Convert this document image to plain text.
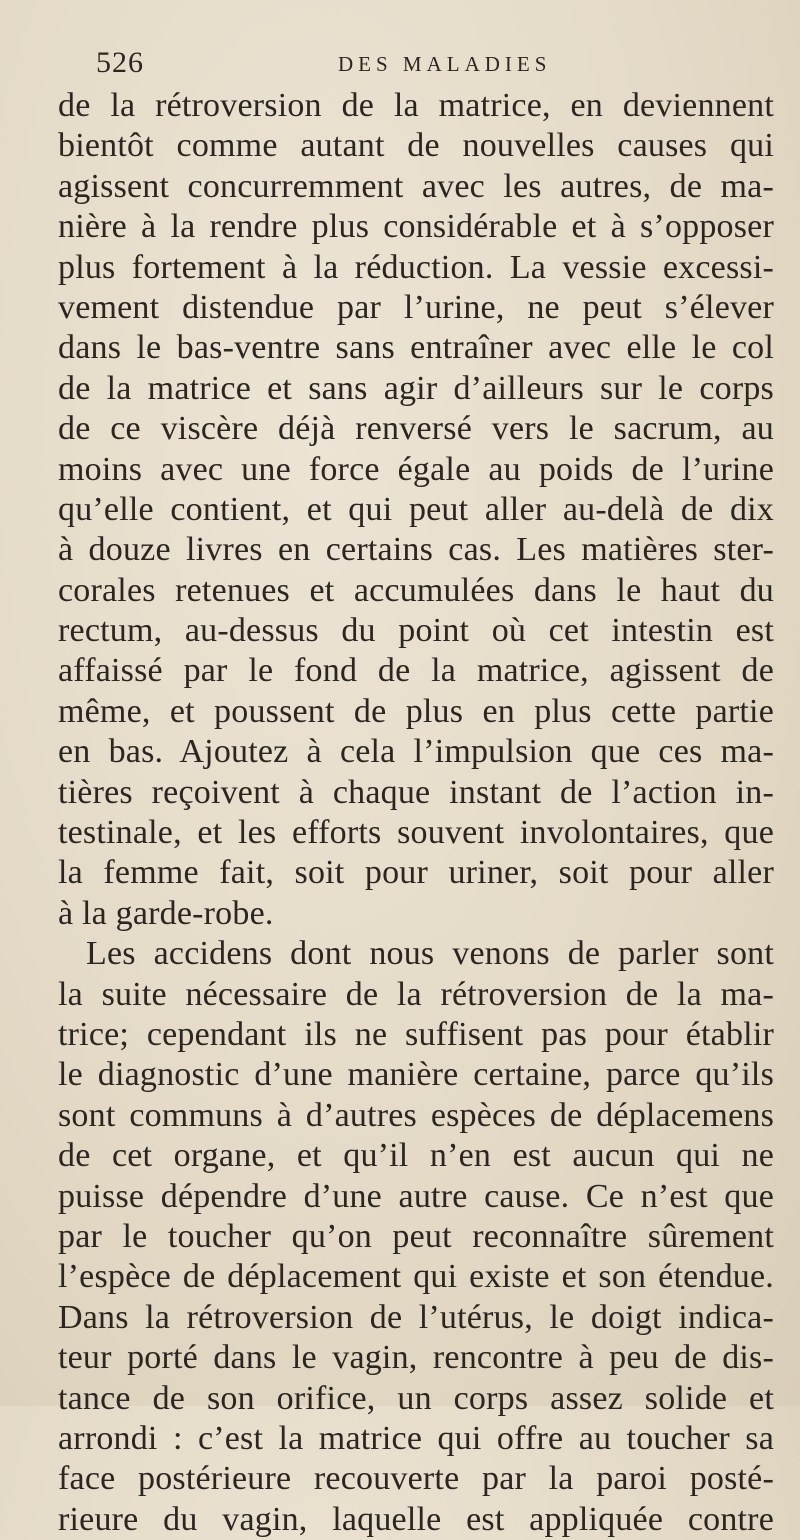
526	DES MALADIES
de la rétroversion de la matrice, en deviennent
bientôt comme autant de nouvelles causes qui
agissent concurremment avec les autres, de ma-
nière à la rendre plus considérable et à s’opposer
plus fortement à la réduction. La vessie excessi-
vement distendue par l’urine, ne peut s’élever
dans le bas-ventre sans entraîner avec elle le col
de la matrice et sans agir d’ailleurs sur le corps
de ce viscère déjà renversé vers le sacrum, au
moins avec une force égale au poids de l’urine
qu’elle contient, et qui peut aller au-delà de dix
à douze livres en certains cas. Les matières ster-
corales retenues et accumulées dans le haut du
rectum, au-dessus du point où cet intestin est
affaissé par le fond de la matrice, agissent de
même, et poussent de plus en plus cette partie
en bas. Ajoutez à cela l’impulsion que ces ma-
tières reçoivent à chaque instant de l’action in-
testinale, et les efforts souvent involontaires, que
la femme fait, soit pour uriner, soit pour aller
à la garde-robe.
Les accidens dont nous venons de parler sont
la suite nécessaire de la rétroversion de la ma-
trice; cependant ils ne suffisent pas pour établir
le diagnostic d’une manière certaine, parce qu’ils
sont communs à d’autres espèces de déplacemens
de cet organe, et qu’il n’en est aucun qui ne
puisse dépendre d’une autre cause. Ce n’est que
par le toucher qu’on peut reconnaître sûrement
l’espèce de déplacement qui existe et son étendue.
Dans la rétroversion de l’utérus, le doigt indica-
teur porté dans le vagin, rencontre à peu de dis-
tance de son orifice, un corps assez solide et
arrondi : c’est la matrice qui offre au toucher sa
face postérieure recouverte par la paroi posté-
rieure du vagin, laquelle est appliquée contre
